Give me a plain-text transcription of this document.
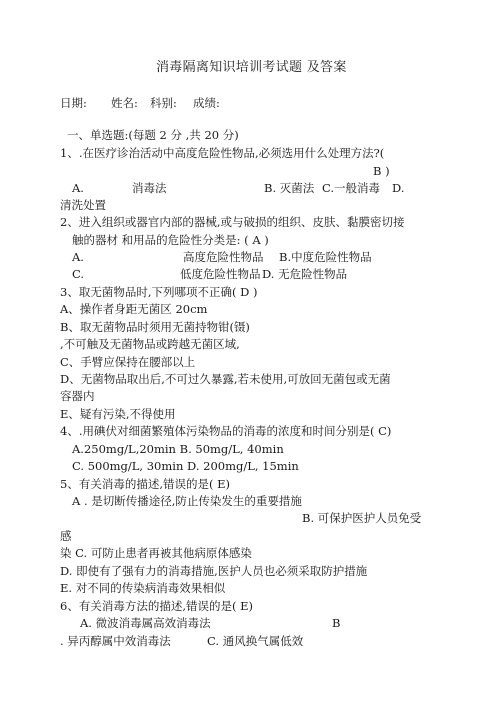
消毒隔离知识培训考试题 及答案
日期: 姓名: 科别: 成绩:
一、单选题:(每题 2 分 ,共 20 分)
1、.在医疗诊治活动中高度危险性物品,必须选用什么处理方法?(
B )
A.	消毒法	B. 灭菌法 C.一般消毒 D.
清洗处置
2、进入组织或器官内部的器械,或与破损的组织、皮肤、黏膜密切接
触的器材 和用品的危险性分类是: ( A )
A.	高度危险性物品 B.中度危险性物品
C.	低度危险性物品 D. 无危险性物品
3、取无菌物品时,下列哪项不正确( D )
A、操作者身距无菌区 20cm
B、取无菌物品时须用无菌持物钳(镊)
,不可触及无菌物品或跨越无菌区域,
C、手臂应保持在腰部以上
D、无菌物品取出后,不可过久暴露,若未使用,可放回无菌包或无菌
容器内
E、疑有污染,不得使用
4、.用碘伏对细菌繁殖体污染物品的消毒的浓度和时间分别是( C)
A.250mg/L,20min B. 50mg/L, 40min
C. 500mg/L, 30min D. 200mg/L, 15min
5、有关消毒的描述,错误的是( E)
A . 是切断传播途径,防止传染发生的重要措施
B. 可保护医护人员免受
感
染 C. 可防止患者再被其他病原体感染
D. 即使有了强有力的消毒措施,医护人员也必须采取防护措施
E. 对不同的传染病消毒效果相似
6、有关消毒方法的描述,错误的是( E)
A. 微波消毒属高效消毒法	B
. 异丙醇属中效消毒法	C. 通风换气属低效
